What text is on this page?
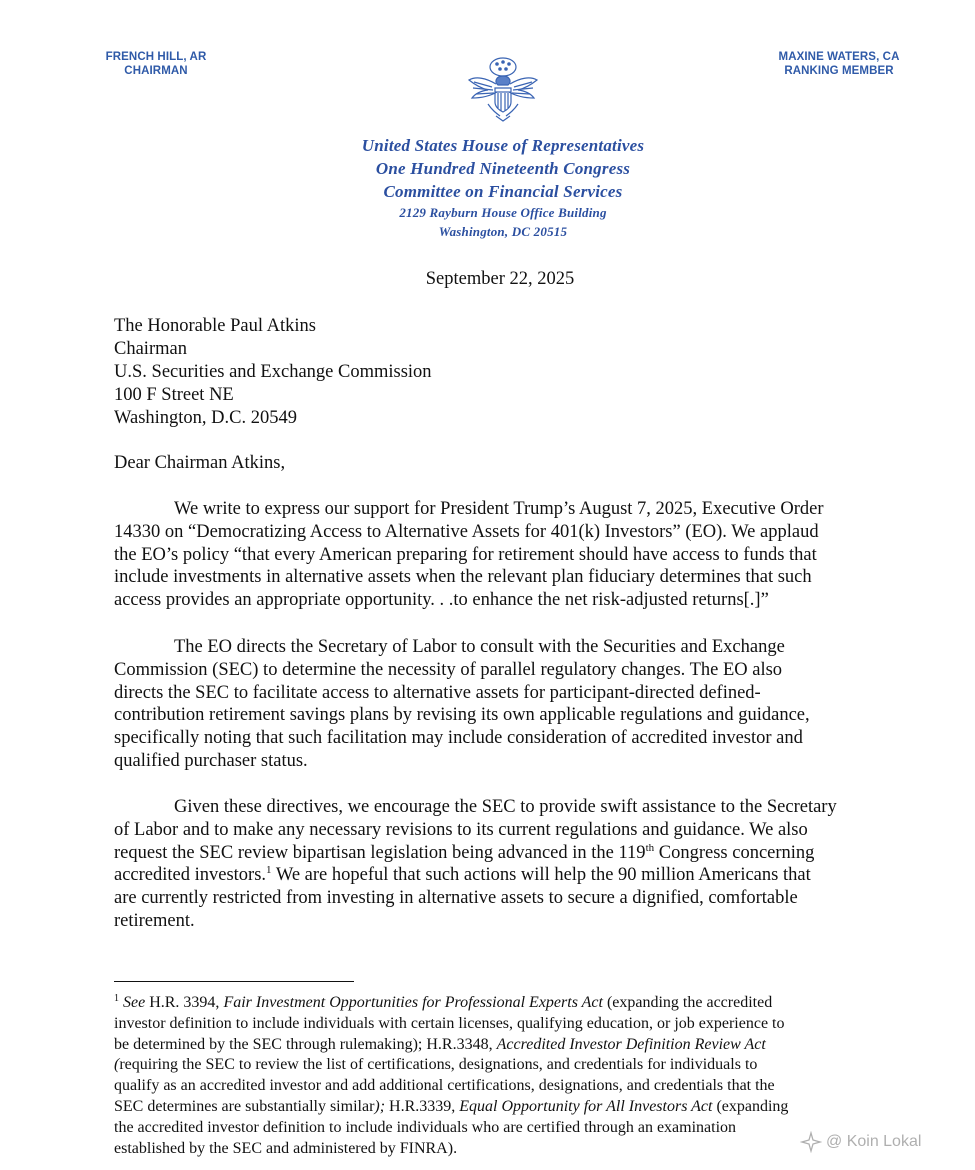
FRENCH HILL, AR
CHAIRMAN
MAXINE WATERS, CA
RANKING MEMBER
United States House of Representatives
One Hundred Nineteenth Congress
Committee on Financial Services
2129 Rayburn House Office Building
Washington, DC 20515
September 22, 2025
The Honorable Paul Atkins
Chairman
U.S. Securities and Exchange Commission
100 F Street NE
Washington, D.C. 20549
Dear Chairman Atkins,

We write to express our support for President Trump’s August 7, 2025, Executive Order
14330 on “Democratizing Access to Alternative Assets for 401(k) Investors” (EO). We applaud
the EO’s policy “that every American preparing for retirement should have access to funds that
include investments in alternative assets when the relevant plan fiduciary determines that such
access provides an appropriate opportunity. . .to enhance the net risk-adjusted returns[.]”

The EO directs the Secretary of Labor to consult with the Securities and Exchange
Commission (SEC) to determine the necessity of parallel regulatory changes. The EO also
directs the SEC to facilitate access to alternative assets for participant-directed defined-
contribution retirement savings plans by revising its own applicable regulations and guidance,
specifically noting that such facilitation may include consideration of accredited investor and
qualified purchaser status.

Given these directives, we encourage the SEC to provide swift assistance to the Secretary
of Labor and to make any necessary revisions to its current regulations and guidance. We also
request the SEC review bipartisan legislation being advanced in the 119th Congress concerning
accredited investors.$^1$ We are hopeful that such actions will help the 90 million Americans that
are currently restricted from investing in alternative assets to secure a dignified, comfortable
retirement.

$^1$ See H.R. 3394, Fair Investment Opportunities for Professional Experts Act (expanding the accredited
investor definition to include individuals with certain licenses, qualifying education, or job experience to
be determined by the SEC through rulemaking); H.R.3348, Accredited Investor Definition Review Act
(requiring the SEC to review the list of certifications, designations, and credentials for individuals to
qualify as an accredited investor and add additional certifications, designations, and credentials that the
SEC determines are substantially similar); H.R.3339, Equal Opportunity for All Investors Act (expanding
the accredited investor definition to include individuals who are certified through an examination
established by the SEC and administered by FINRA).	@ Koin Lokal
